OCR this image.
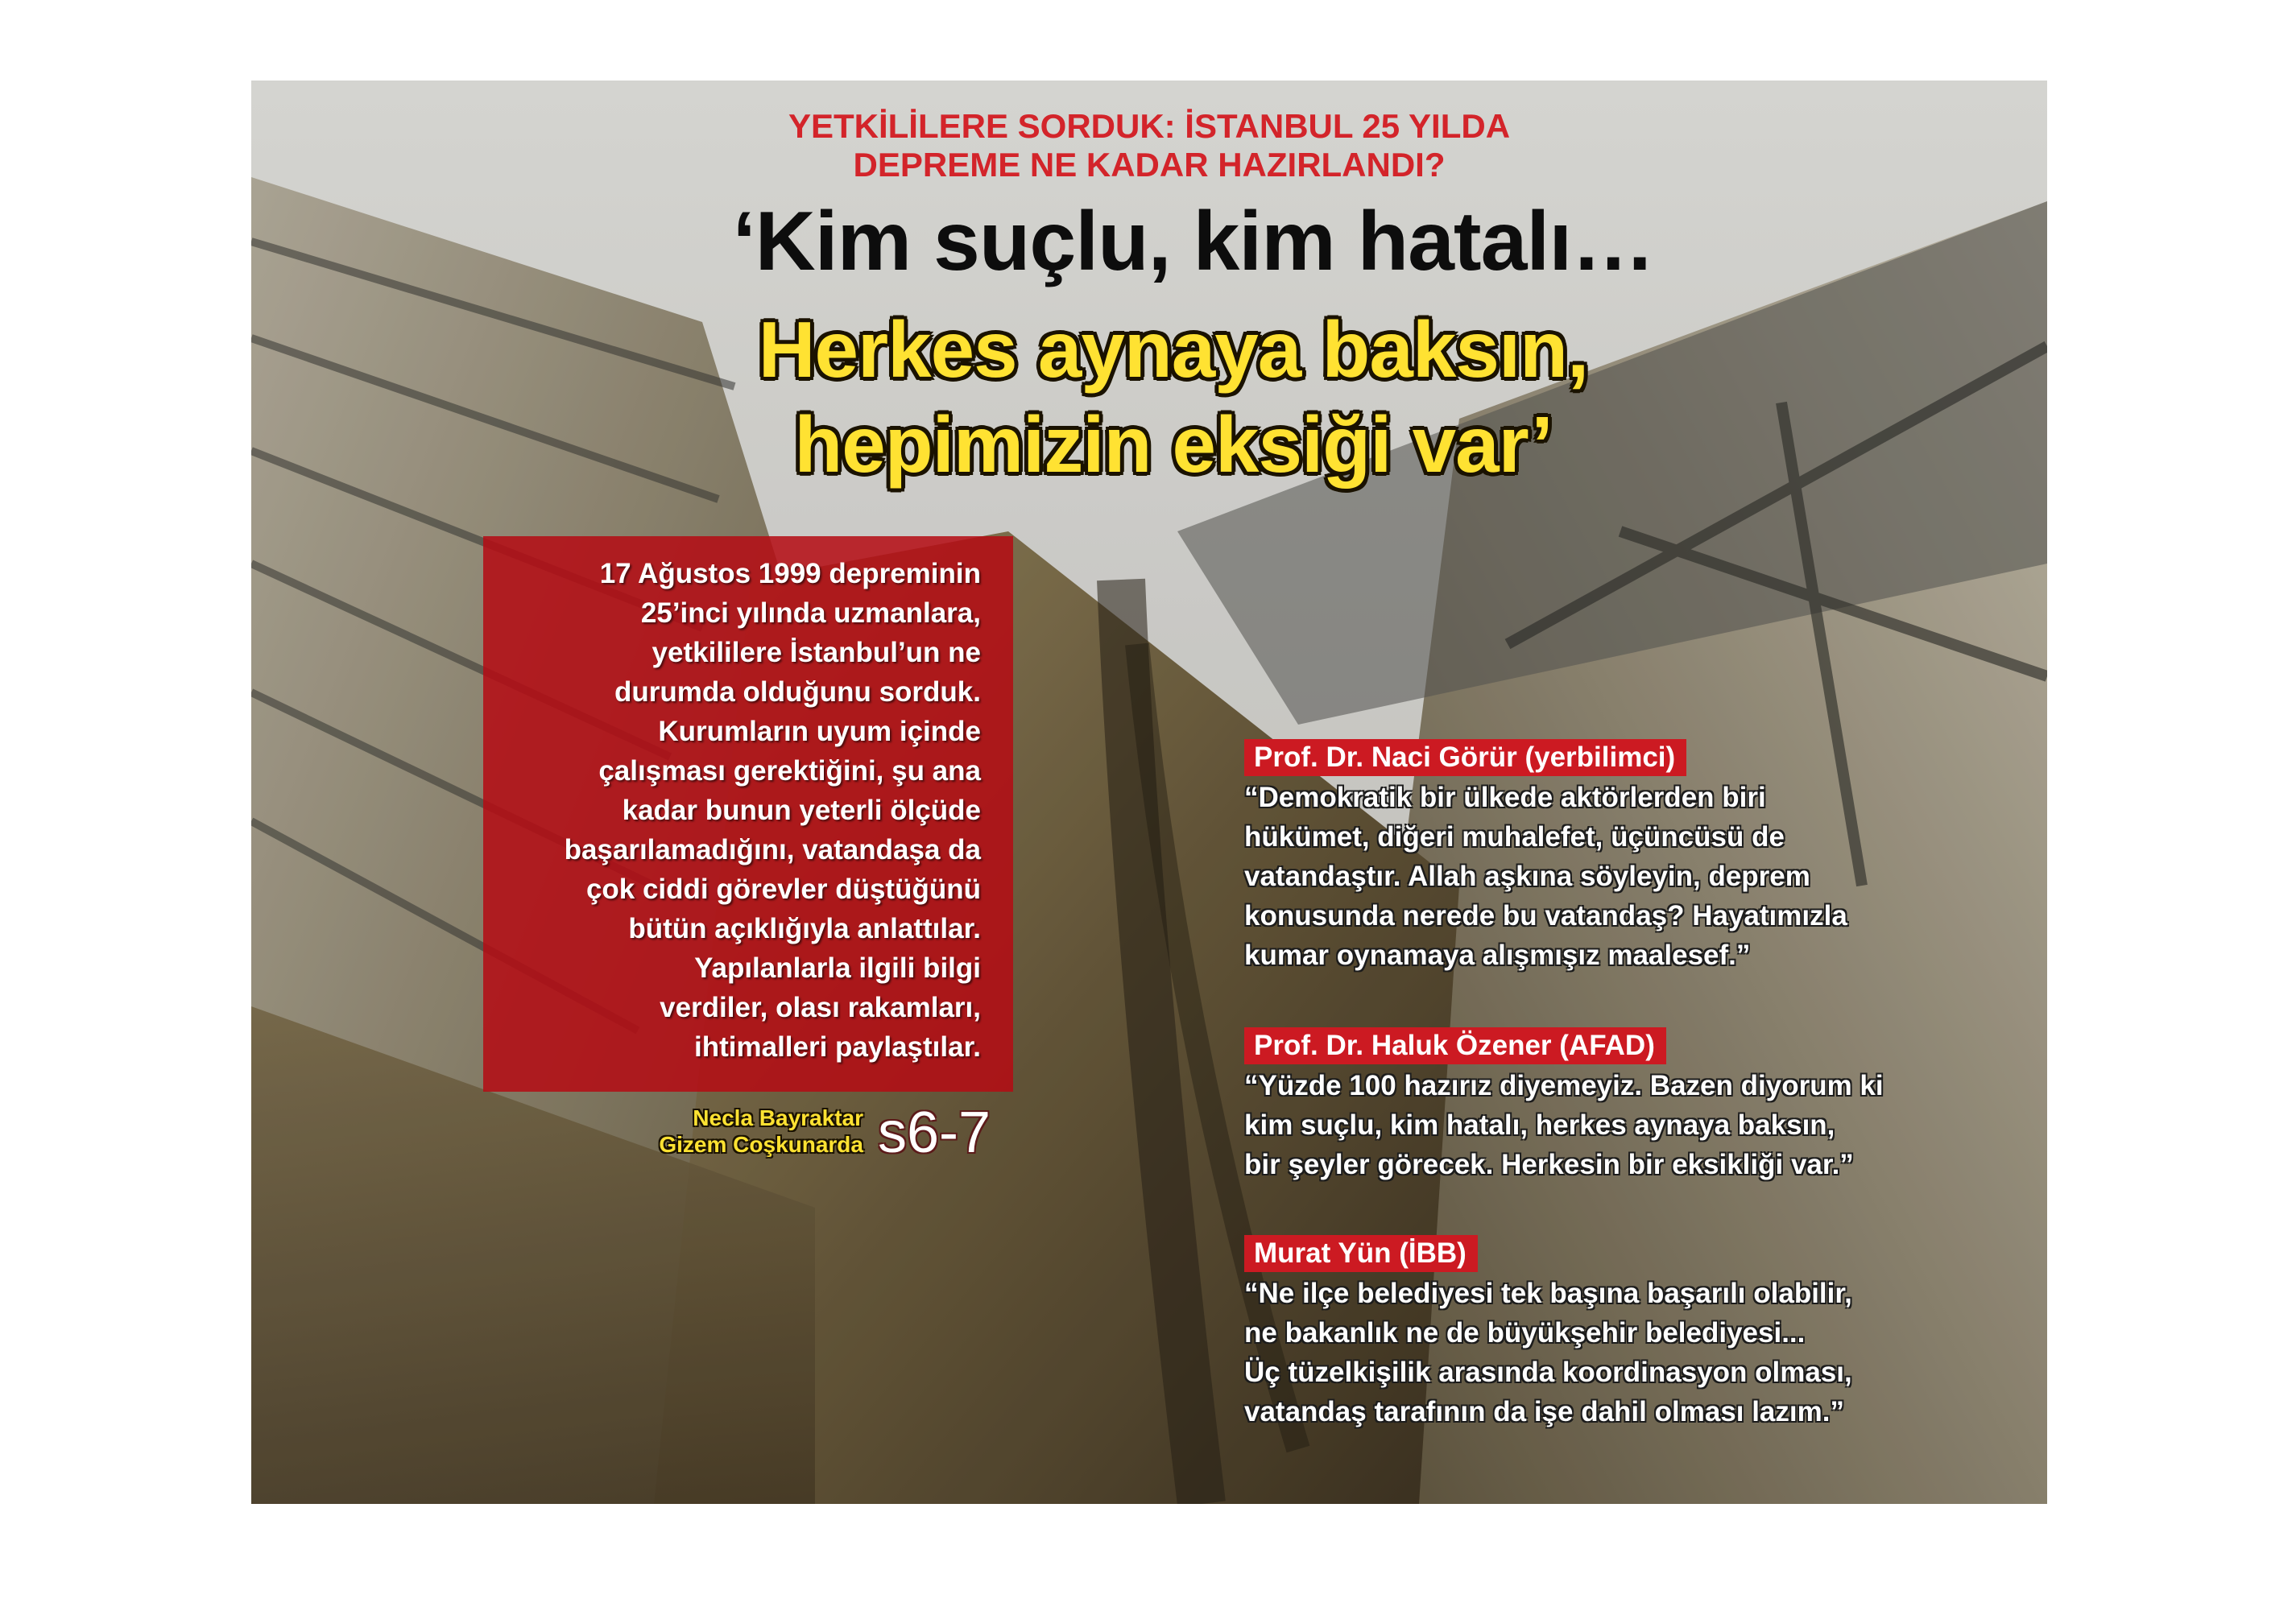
YETKİLİLERE SORDUK: İSTANBUL 25 YILDA
DEPREME NE KADAR HAZIRLANDI?
‘Kim suçlu, kim hatalı…
Herkes aynaya baksın,
hepimizin eksiği var’
17 Ağustos 1999 depreminin
25’inci yılında uzmanlara,
yetkililere İstanbul’un ne
durumda olduğunu sorduk.
Kurumların uyum içinde
çalışması gerektiğini, şu ana
kadar bunun yeterli ölçüde
başarılamadığını, vatandaşa da
çok ciddi görevler düştüğünü
bütün açıklığıyla anlattılar.
Yapılanlarla ilgili bilgi
verdiler, olası rakamları,
ihtimalleri paylaştılar.
Necla Bayraktar
Gizem Coşkunarda s6-7
Prof. Dr. Naci Görür (yerbilimci)
“Demokratik bir ülkede aktörlerden biri
hükümet, diğeri muhalefet, üçüncüsü de
vatandaştır. Allah aşkına söyleyin, deprem
konusunda nerede bu vatandaş? Hayatımızla
kumar oynamaya alışmışız maalesef.”
Prof. Dr. Haluk Özener (AFAD)
“Yüzde 100 hazırız diyemeyiz. Bazen diyorum ki
kim suçlu, kim hatalı, herkes aynaya baksın,
bir şeyler görecek. Herkesin bir eksikliği var.”
Murat Yün (İBB)
“Ne ilçe belediyesi tek başına başarılı olabilir,
ne bakanlık ne de büyükşehir belediyesi...
Üç tüzelkişilik arasında koordinasyon olması,
vatandaş tarafının da işe dahil olması lazım.”
